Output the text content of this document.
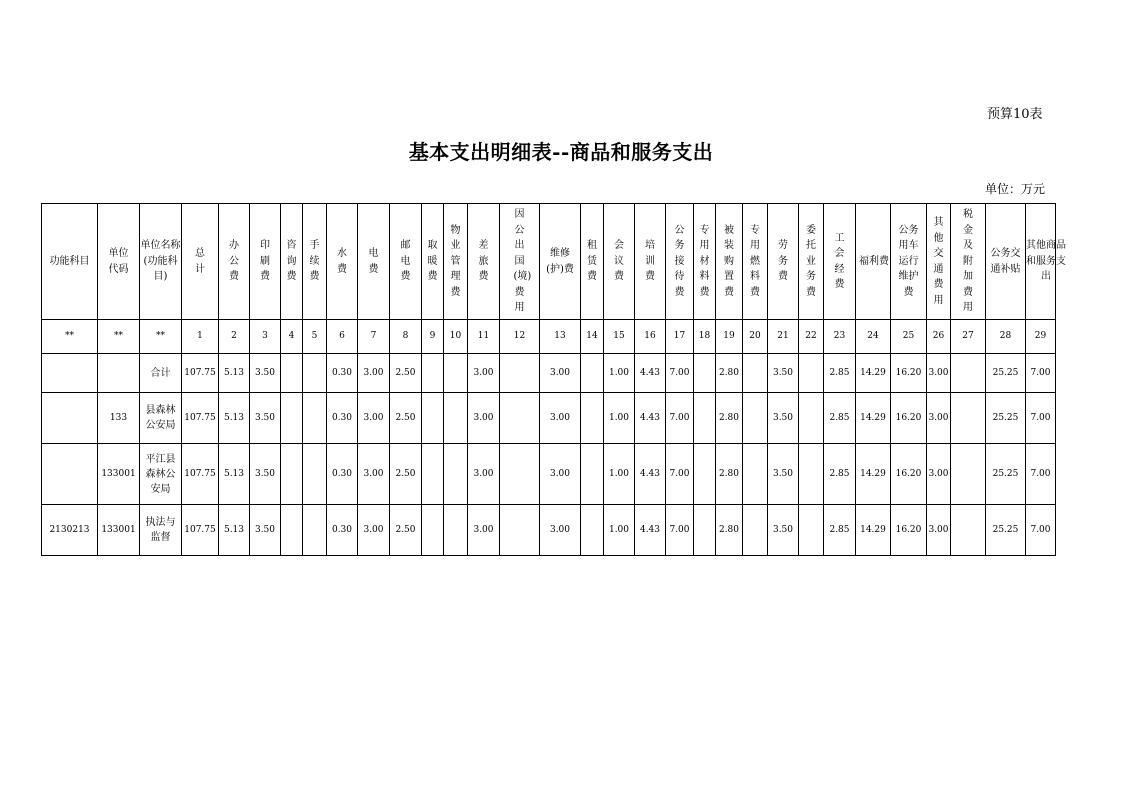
预算10表
基本支出明细表--商品和服务支出
单位：万元
功能科目	单位代码	单位名称(功能科目)	总计	办公费	印刷费	咨询费	手续费	水费	电费	邮电费	取暖费	物业管理费	差旅费	因公出国(境)费用	维修(护)费	租赁费	会议费	培训费	公务接待费	专用材料费	被装购置费	专用燃料费	劳务费	委托业务费	工会经费	福利费	公务用车运行维护费	其他交通费用	税金及附加费用	公务交通补贴	其他商品和服务支出
**	**	**	1	2	3	4	5	6	7	8	9	10	11	12	13	14	15	16	17	18	19	20	21	22	23	24	25	26	27	28	29
		合计	107.75	5.13	3.50			0.30	3.00	2.50			3.00		3.00		1.00	4.43	7.00		2.80		3.50		2.85	14.29	16.20	3.00		25.25	7.00
	133	县森林公安局	107.75	5.13	3.50			0.30	3.00	2.50			3.00		3.00		1.00	4.43	7.00		2.80		3.50		2.85	14.29	16.20	3.00		25.25	7.00
	133001	平江县森林公安局	107.75	5.13	3.50			0.30	3.00	2.50			3.00		3.00		1.00	4.43	7.00		2.80		3.50		2.85	14.29	16.20	3.00		25.25	7.00
2130213	133001	执法与监督	107.75	5.13	3.50			0.30	3.00	2.50			3.00		3.00		1.00	4.43	7.00		2.80		3.50		2.85	14.29	16.20	3.00		25.25	7.00
